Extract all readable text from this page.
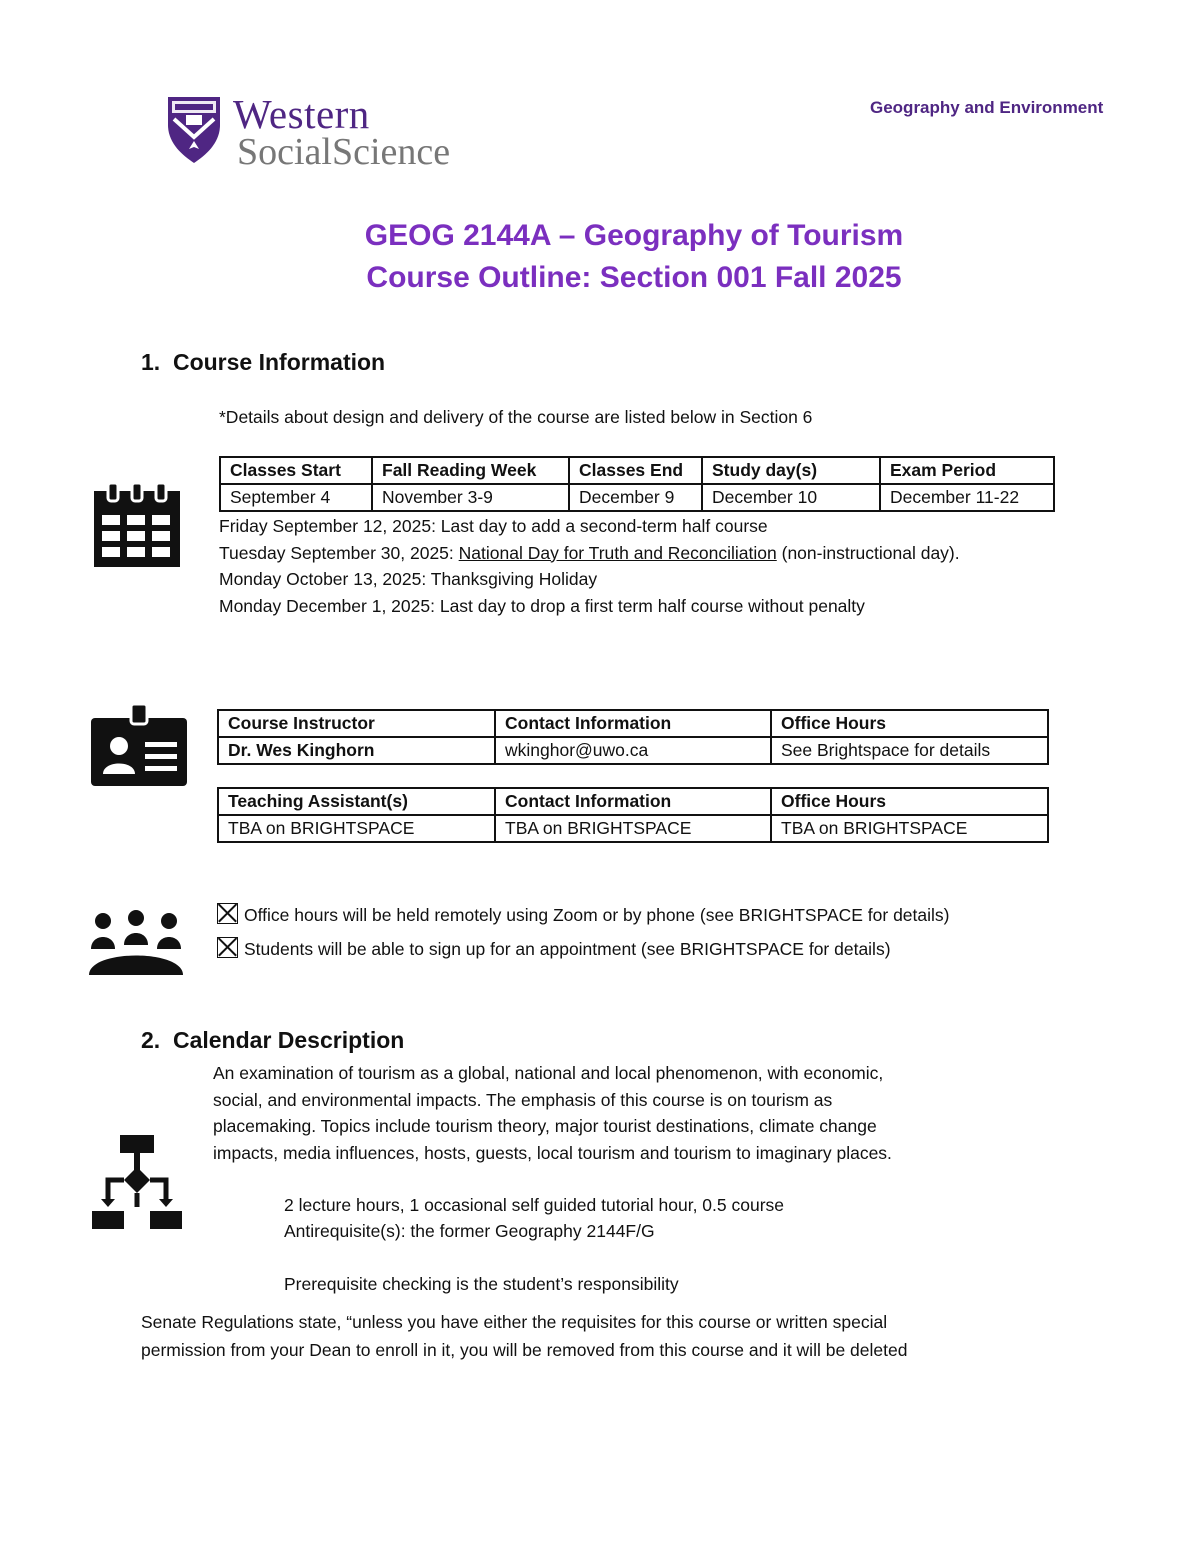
Western
SocialScience
Geography and Environment
GEOG 2144A – Geography of Tourism
Course Outline: Section 001 Fall 2025
1. Course Information
*Details about design and delivery of the course are listed below in Section 6
Classes Start	Fall Reading Week	Classes End	Study day(s)	Exam Period
September 4	November 3-9	December 9	December 10	December 11-22
Friday September 12, 2025: Last day to add a second-term half course
Tuesday September 30, 2025: National Day for Truth and Reconciliation (non-instructional day).
Monday October 13, 2025: Thanksgiving Holiday
Monday December 1, 2025: Last day to drop a first term half course without penalty
Course Instructor	Contact Information	Office Hours
Dr. Wes Kinghorn	wkinghor@uwo.ca	See Brightspace for details
Teaching Assistant(s)	Contact Information	Office Hours
TBA on BRIGHTSPACE	TBA on BRIGHTSPACE	TBA on BRIGHTSPACE
Office hours will be held remotely using Zoom or by phone (see BRIGHTSPACE for details)
Students will be able to sign up for an appointment (see BRIGHTSPACE for details)
2. Calendar Description
An examination of tourism as a global, national and local phenomenon, with economic,
social, and environmental impacts. The emphasis of this course is on tourism as
placemaking. Topics include tourism theory, major tourist destinations, climate change
impacts, media influences, hosts, guests, local tourism and tourism to imaginary places.
2 lecture hours, 1 occasional self guided tutorial hour, 0.5 course
Antirequisite(s): the former Geography 2144F/G
Prerequisite checking is the student’s responsibility
Senate Regulations state, “unless you have either the requisites for this course or written special
permission from your Dean to enroll in it, you will be removed from this course and it will be deleted
